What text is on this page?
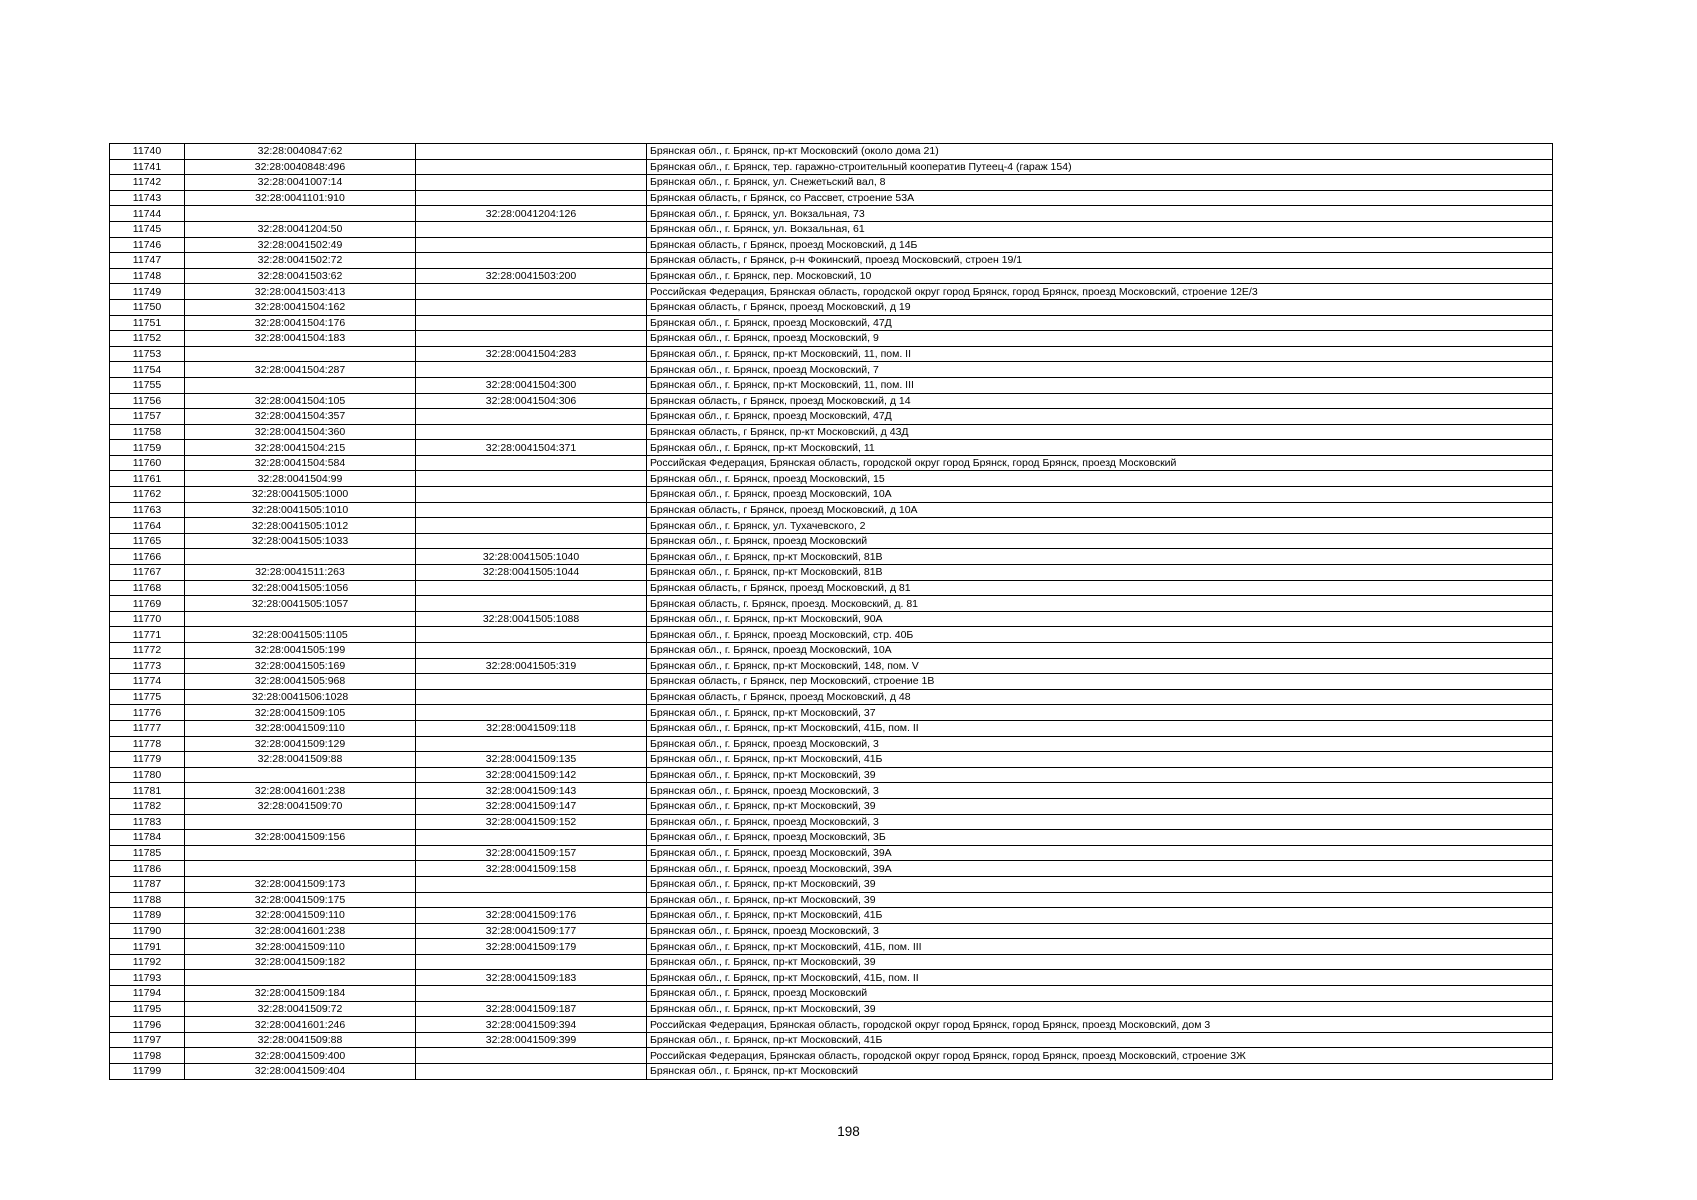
11740	32:28:0040847:62		Брянская обл., г. Брянск, пр-кт Московский (около дома 21)
11741	32:28:0040848:496		Брянская обл., г. Брянск, тер. гаражно-строительный кооператив Путеец-4 (гараж 154)
11742	32:28:0041007:14		Брянская обл., г. Брянск, ул. Снежетьский вал, 8
11743	32:28:0041101:910		Брянская область, г Брянск, со Рассвет, строение 53А
11744		32:28:0041204:126	Брянская обл., г. Брянск, ул. Вокзальная, 73
11745	32:28:0041204:50		Брянская обл., г. Брянск, ул. Вокзальная, 61
11746	32:28:0041502:49		Брянская область, г Брянск, проезд Московский, д 14Б
11747	32:28:0041502:72		Брянская область, г Брянск, р-н Фокинский, проезд Московский, строен 19/1
11748	32:28:0041503:62	32:28:0041503:200	Брянская обл., г. Брянск, пер. Московский, 10
11749	32:28:0041503:413		Российская Федерация, Брянская область, городской округ город Брянск, город Брянск, проезд Московский, строение 12Е/3
11750	32:28:0041504:162		Брянская область, г Брянск, проезд Московский, д 19
11751	32:28:0041504:176		Брянская обл., г. Брянск, проезд Московский, 47Д
11752	32:28:0041504:183		Брянская обл., г. Брянск, проезд Московский, 9
11753		32:28:0041504:283	Брянская обл., г. Брянск, пр-кт Московский, 11, пом. II
11754	32:28:0041504:287		Брянская обл., г. Брянск, проезд Московский, 7
11755		32:28:0041504:300	Брянская обл., г. Брянск, пр-кт Московский, 11, пом. III
11756	32:28:0041504:105	32:28:0041504:306	Брянская область, г Брянск, проезд Московский, д 14
11757	32:28:0041504:357		Брянская обл., г. Брянск, проезд Московский, 47Д
11758	32:28:0041504:360		Брянская область, г Брянск, пр-кт Московский, д 43Д
11759	32:28:0041504:215	32:28:0041504:371	Брянская обл., г. Брянск, пр-кт Московский, 11
11760	32:28:0041504:584		Российская Федерация, Брянская область, городской округ город Брянск, город Брянск, проезд Московский
11761	32:28:0041504:99		Брянская обл., г. Брянск, проезд Московский, 15
11762	32:28:0041505:1000		Брянская обл., г. Брянск, проезд Московский, 10А
11763	32:28:0041505:1010		Брянская область, г Брянск, проезд Московский, д 10А
11764	32:28:0041505:1012		Брянская обл., г. Брянск, ул. Тухачевского, 2
11765	32:28:0041505:1033		Брянская обл., г. Брянск, проезд Московский
11766		32:28:0041505:1040	Брянская обл., г. Брянск, пр-кт Московский, 81В
11767	32:28:0041511:263	32:28:0041505:1044	Брянская обл., г. Брянск, пр-кт Московский, 81В
11768	32:28:0041505:1056		Брянская область, г Брянск, проезд Московский, д 81
11769	32:28:0041505:1057		Брянская область, г. Брянск, проезд. Московский, д. 81
11770		32:28:0041505:1088	Брянская обл., г. Брянск, пр-кт Московский, 90А
11771	32:28:0041505:1105		Брянская обл., г. Брянск, проезд Московский, стр. 40Б
11772	32:28:0041505:199		Брянская обл., г. Брянск, проезд Московский, 10А
11773	32:28:0041505:169	32:28:0041505:319	Брянская обл., г. Брянск, пр-кт Московский, 148, пом. V
11774	32:28:0041505:968		Брянская область, г Брянск, пер Московский, строение 1В
11775	32:28:0041506:1028		Брянская область, г Брянск, проезд Московский, д 48
11776	32:28:0041509:105		Брянская обл., г. Брянск, пр-кт Московский, 37
11777	32:28:0041509:110	32:28:0041509:118	Брянская обл., г. Брянск, пр-кт Московский, 41Б, пом. II
11778	32:28:0041509:129		Брянская обл., г. Брянск, проезд Московский, 3
11779	32:28:0041509:88	32:28:0041509:135	Брянская обл., г. Брянск, пр-кт Московский, 41Б
11780		32:28:0041509:142	Брянская обл., г. Брянск, пр-кт Московский, 39
11781	32:28:0041601:238	32:28:0041509:143	Брянская обл., г. Брянск, проезд Московский, 3
11782	32:28:0041509:70	32:28:0041509:147	Брянская обл., г. Брянск, пр-кт Московский, 39
11783		32:28:0041509:152	Брянская обл., г. Брянск, проезд Московский, 3
11784	32:28:0041509:156		Брянская обл., г. Брянск, проезд Московский, 3Б
11785		32:28:0041509:157	Брянская обл., г. Брянск, проезд Московский, 39А
11786		32:28:0041509:158	Брянская обл., г. Брянск, проезд Московский, 39А
11787	32:28:0041509:173		Брянская обл., г. Брянск, пр-кт Московский, 39
11788	32:28:0041509:175		Брянская обл., г. Брянск, пр-кт Московский, 39
11789	32:28:0041509:110	32:28:0041509:176	Брянская обл., г. Брянск, пр-кт Московский, 41Б
11790	32:28:0041601:238	32:28:0041509:177	Брянская обл., г. Брянск, проезд Московский, 3
11791	32:28:0041509:110	32:28:0041509:179	Брянская обл., г. Брянск, пр-кт Московский, 41Б, пом. III
11792	32:28:0041509:182		Брянская обл., г. Брянск, пр-кт Московский, 39
11793		32:28:0041509:183	Брянская обл., г. Брянск, пр-кт Московский, 41Б, пом. II
11794	32:28:0041509:184		Брянская обл., г. Брянск, проезд Московский
11795	32:28:0041509:72	32:28:0041509:187	Брянская обл., г. Брянск, пр-кт Московский, 39
11796	32:28:0041601:246	32:28:0041509:394	Российская Федерация, Брянская область, городской округ город Брянск, город Брянск, проезд Московский, дом 3
11797	32:28:0041509:88	32:28:0041509:399	Брянская обл., г. Брянск, пр-кт Московский, 41Б
11798	32:28:0041509:400		Российская Федерация, Брянская область, городской округ город Брянск, город Брянск, проезд Московский, строение 3Ж
11799	32:28:0041509:404		Брянская обл., г. Брянск, пр-кт Московский
198
